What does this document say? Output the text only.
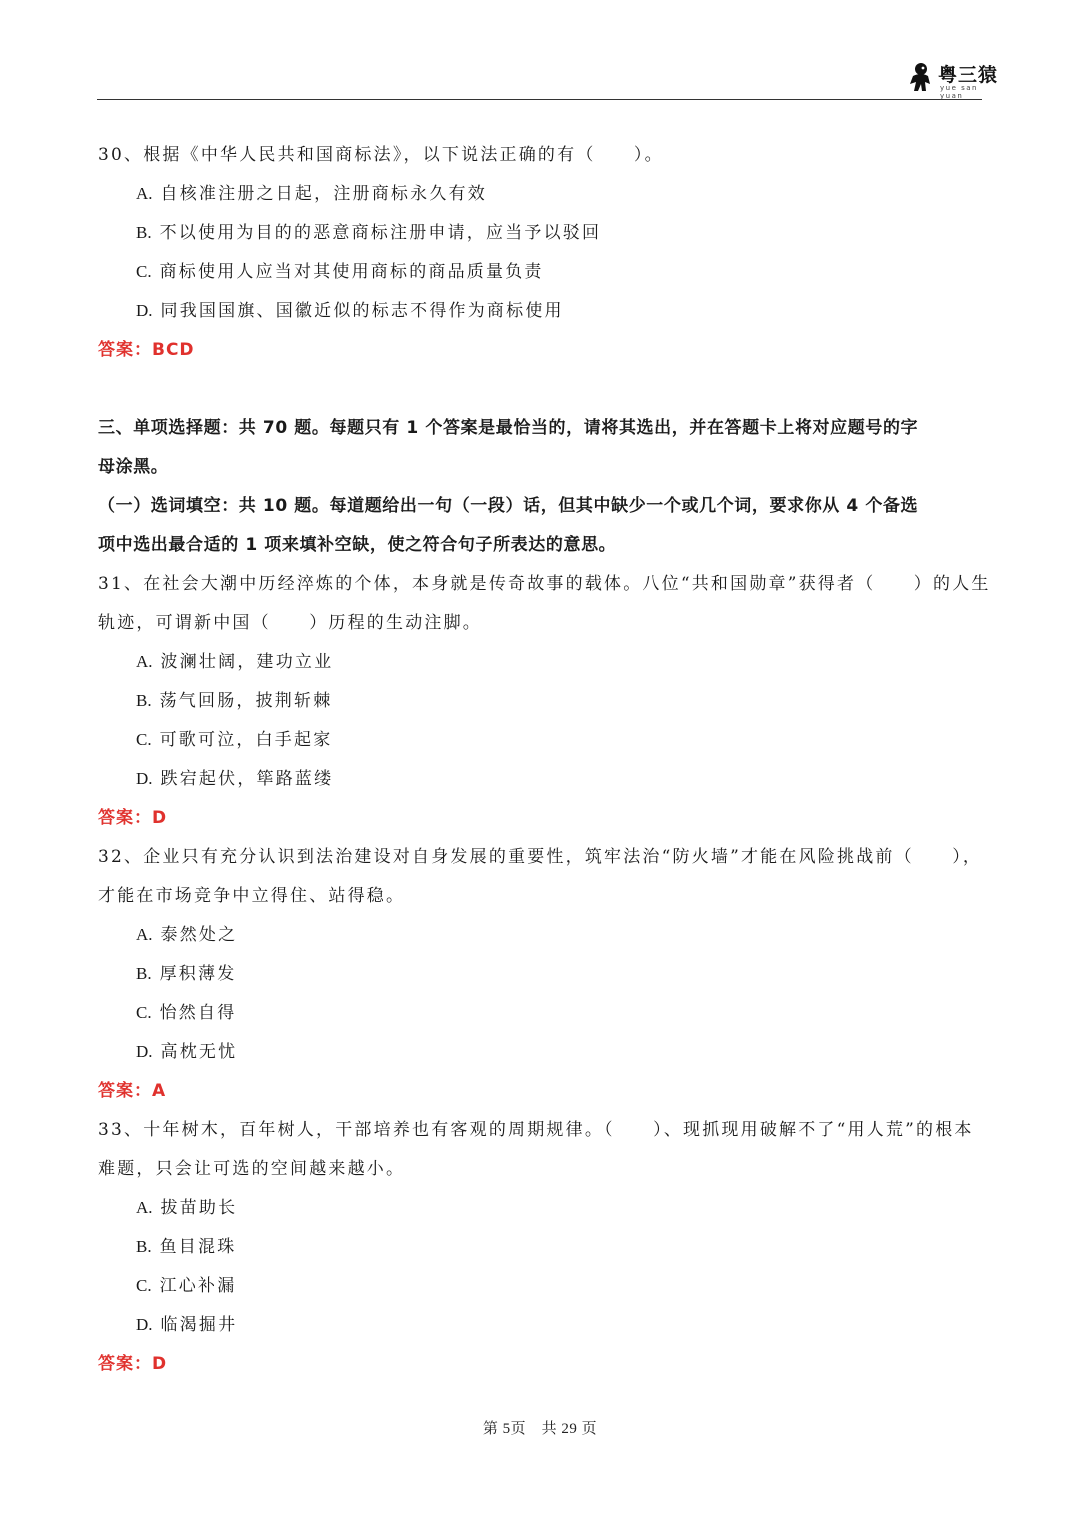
粤三猿
yue san yuan
30、根据《中华人民共和国商标法》，以下说法正确的有（　　）。
A. 自核准注册之日起，注册商标永久有效
B. 不以使用为目的的恶意商标注册申请，应当予以驳回
C. 商标使用人应当对其使用商标的商品质量负责
D. 同我国国旗、国徽近似的标志不得作为商标使用
答案：BCD
三、单项选择题：共 70 题。每题只有 1 个答案是最恰当的，请将其选出，并在答题卡上将对应题号的字
母涂黑。
（一）选词填空：共 10 题。每道题给出一句（一段）话，但其中缺少一个或几个词，要求你从 4 个备选
项中选出最合适的 1 项来填补空缺，使之符合句子所表达的意思。
31、在社会大潮中历经淬炼的个体，本身就是传奇故事的载体。八位“共和国勋章”获得者（　　）的人生
轨迹，可谓新中国（　　）历程的生动注脚。
A. 波澜壮阔，建功立业
B. 荡气回肠，披荆斩棘
C. 可歌可泣，白手起家
D. 跌宕起伏，筚路蓝缕
答案：D
32、企业只有充分认识到法治建设对自身发展的重要性，筑牢法治“防火墙”才能在风险挑战前（　　），
才能在市场竞争中立得住、站得稳。
A. 泰然处之
B. 厚积薄发
C. 怡然自得
D. 高枕无忧
答案：A
33、十年树木，百年树人，干部培养也有客观的周期规律。（　　）、现抓现用破解不了“用人荒”的根本
难题，只会让可选的空间越来越小。
A. 拔苗助长
B. 鱼目混珠
C. 江心补漏
D. 临渴掘井
答案：D
第 5页　共 29 页
